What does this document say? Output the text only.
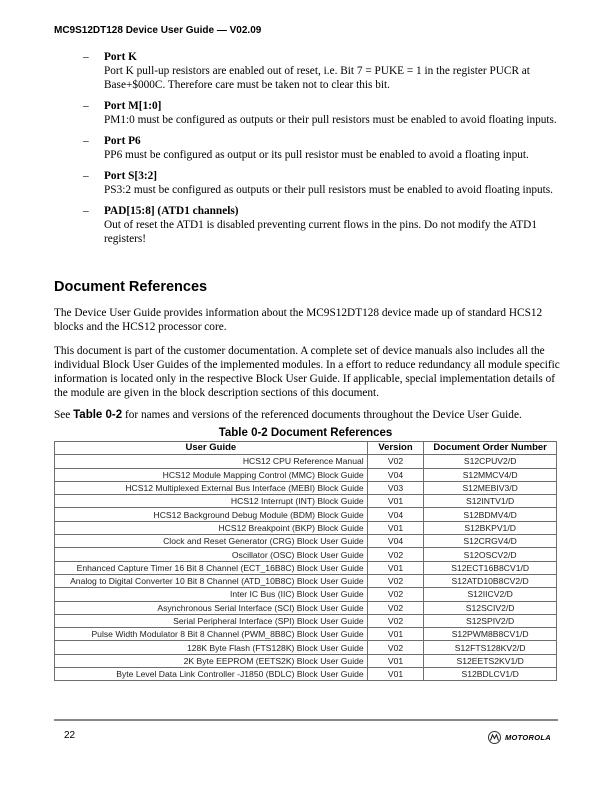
MC9S12DT128 Device User Guide — V02.09
– Port K
Port K pull-up resistors are enabled out of reset, i.e. Bit 7 = PUKE = 1 in the register PUCR at Base+$000C. Therefore care must be taken not to clear this bit.
– Port M[1:0]
PM1:0 must be configured as outputs or their pull resistors must be enabled to avoid floating inputs.
– Port P6
PP6 must be configured as output or its pull resistor must be enabled to avoid a floating input.
– Port S[3:2]
PS3:2 must be configured as outputs or their pull resistors must be enabled to avoid floating inputs.
– PAD[15:8] (ATD1 channels)
Out of reset the ATD1 is disabled preventing current flows in the pins. Do not modify the ATD1 registers!
Document References
The Device User Guide provides information about the MC9S12DT128 device made up of standard HCS12 blocks and the HCS12 processor core.
This document is part of the customer documentation. A complete set of device manuals also includes all the individual Block User Guides of the implemented modules. In a effort to reduce redundancy all module specific information is located only in the respective Block User Guide. If applicable, special implementation details of the module are given in the block description sections of this document.
See Table 0-2 for names and versions of the referenced documents throughout the Device User Guide.
Table 0-2 Document References
User Guide	Version	Document Order Number
HCS12 CPU Reference Manual	V02	S12CPUV2/D
HCS12 Module Mapping Control (MMC) Block Guide	V04	S12MMCV4/D
HCS12 Multiplexed External Bus Interface (MEBI) Block Guide	V03	S12MEBIV3/D
HCS12 Interrupt (INT) Block Guide	V01	S12INTV1/D
HCS12 Background Debug Module (BDM) Block Guide	V04	S12BDMV4/D
HCS12 Breakpoint (BKP) Block Guide	V01	S12BKPV1/D
Clock and Reset Generator (CRG) Block User Guide	V04	S12CRGV4/D
Oscillator (OSC) Block User Guide	V02	S12OSCV2/D
Enhanced Capture Timer 16 Bit 8 Channel (ECT_16B8C) Block User Guide	V01	S12ECT16B8CV1/D
Analog to Digital Converter 10 Bit 8 Channel (ATD_10B8C) Block User Guide	V02	S12ATD10B8CV2/D
Inter IC Bus (IIC) Block User Guide	V02	S12IICV2/D
Asynchronous Serial Interface (SCI) Block User Guide	V02	S12SCIV2/D
Serial Peripheral Interface (SPI) Block User Guide	V02	S12SPIV2/D
Pulse Width Modulator 8 Bit 8 Channel (PWM_8B8C) Block User Guide	V01	S12PWM8B8CV1/D
128K Byte Flash (FTS128K) Block User Guide	V02	S12FTS128KV2/D
2K Byte EEPROM (EETS2K) Block User Guide	V01	S12EETS2KV1/D
Byte Level Data Link Controller -J1850 (BDLC) Block User Guide	V01	S12BDLCV1/D
22	MOTOROLA
